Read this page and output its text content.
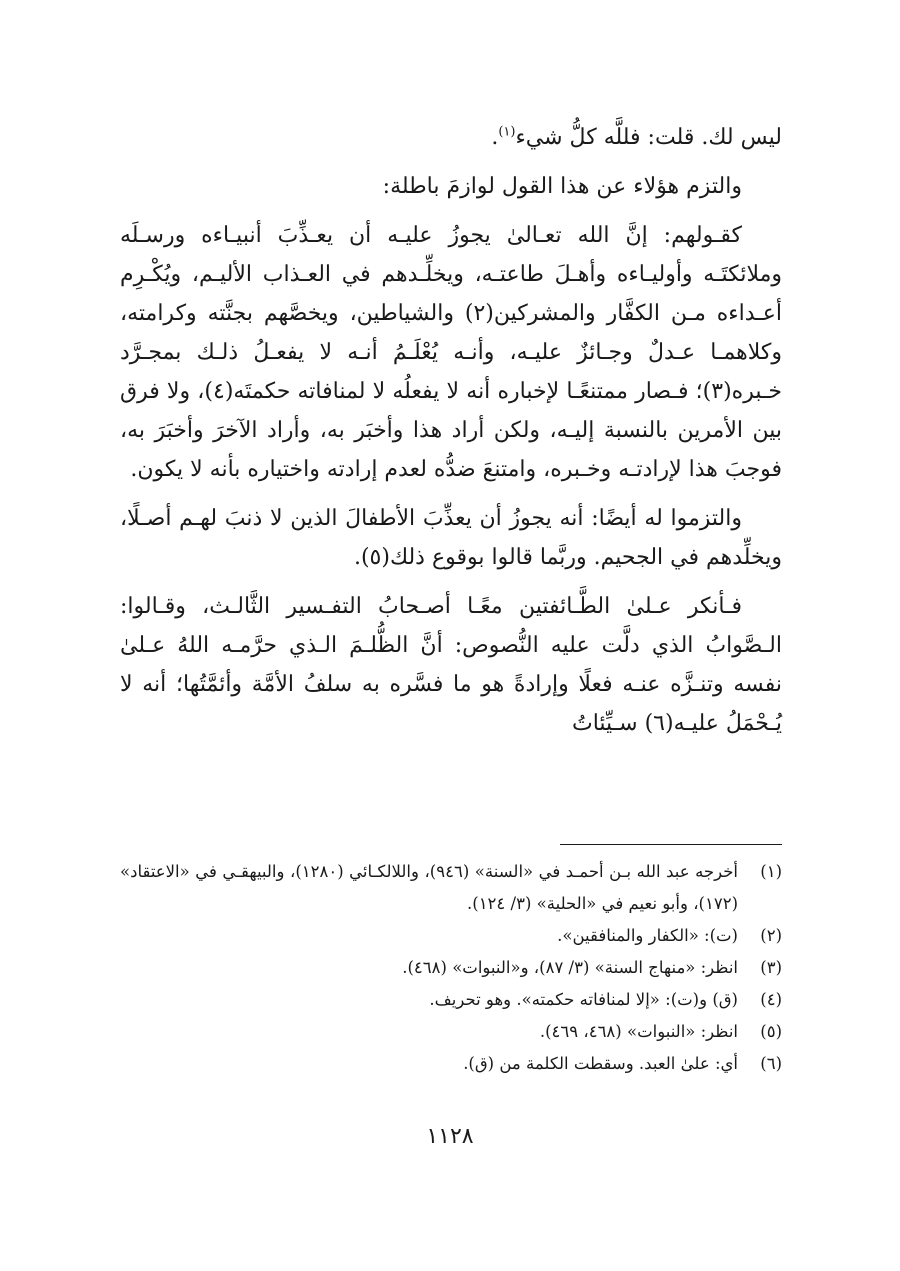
ليس لك. قلت: فللَّه كلُّ شيء$^{(١)}$.

والتزم هؤلاء عن هذا القول لوازمَ باطلة:

كقـولهم: إنَّ الله تعـالىٰ يجوزُ عليـه أن يعـذِّبَ أنبيـاءه ورسـلَه وملائكتَـه وأوليـاءه وأهـلَ طاعتـه، ويخلِّـدهم في العـذاب الأليـم، ويُكْـرِم أعـداءه مـن الكفَّار والمشركين(٢) والشياطين، ويخصَّهم بجنَّته وكرامته، وكلاهمـا عـدلٌ وجـائزٌ عليـه، وأنـه يُعْلَـمُ أنـه لا يفعـلُ ذلـك بمجـرَّد خـبره(٣)؛ فـصار ممتنعًـا لإخباره أنه لا يفعلُه لا لمنافاته حكمتَه(٤)، ولا فرق بين الأمرين بالنسبة إليـه، ولكن أراد هذا وأخبَر به، وأراد الآخرَ وأخبَرَ به، فوجبَ هذا لإرادتـه وخـبره، وامتنعَ ضدُّه لعدم إرادته واختياره بأنه لا يكون.

والتزموا له أيضًا: أنه يجوزُ أن يعذِّبَ الأطفالَ الذين لا ذنبَ لهـم أصـلًا، ويخلِّدهم في الجحيم. وربَّما قالوا بوقوع ذلك(٥).

فـأنكر عـلىٰ الطَّـائفتين معًـا أصـحابُ التفـسير الثَّالـث، وقـالوا: الـصَّوابُ الذي دلَّت عليه النُّصوص: أنَّ الظُّلـمَ الـذي حرَّمـه اللهُ عـلىٰ نفسه وتنـزَّه عنـه فعلًا وإرادةً هو ما فسَّره به سلفُ الأمَّة وأئمَّتُها؛ أنه لا يُـحْمَلُ عليـه(٦) سـيِّئاتُ

(١)
أخرجه عبد الله بـن أحمـد في «السنة» (٩٤٦)، واللالكـائي (١٢٨٠)، والبيهقـي في «الاعتقاد» (١٧٢)، وأبو نعيم في «الحلية» (٣/ ١٢٤).
(٢)
(ت): «الكفار والمنافقين».
(٣)
انظر: «منهاج السنة» (٣/ ٨٧)، و«النبوات» (٤٦٨).
(٤)
(ق) و(ت): «إلا لمنافاته حكمته». وهو تحريف.
(٥)
انظر: «النبوات» (٤٦٨، ٤٦٩).
(٦)
أي: علىٰ العبد. وسقطت الكلمة من (ق).
١١٢٨
